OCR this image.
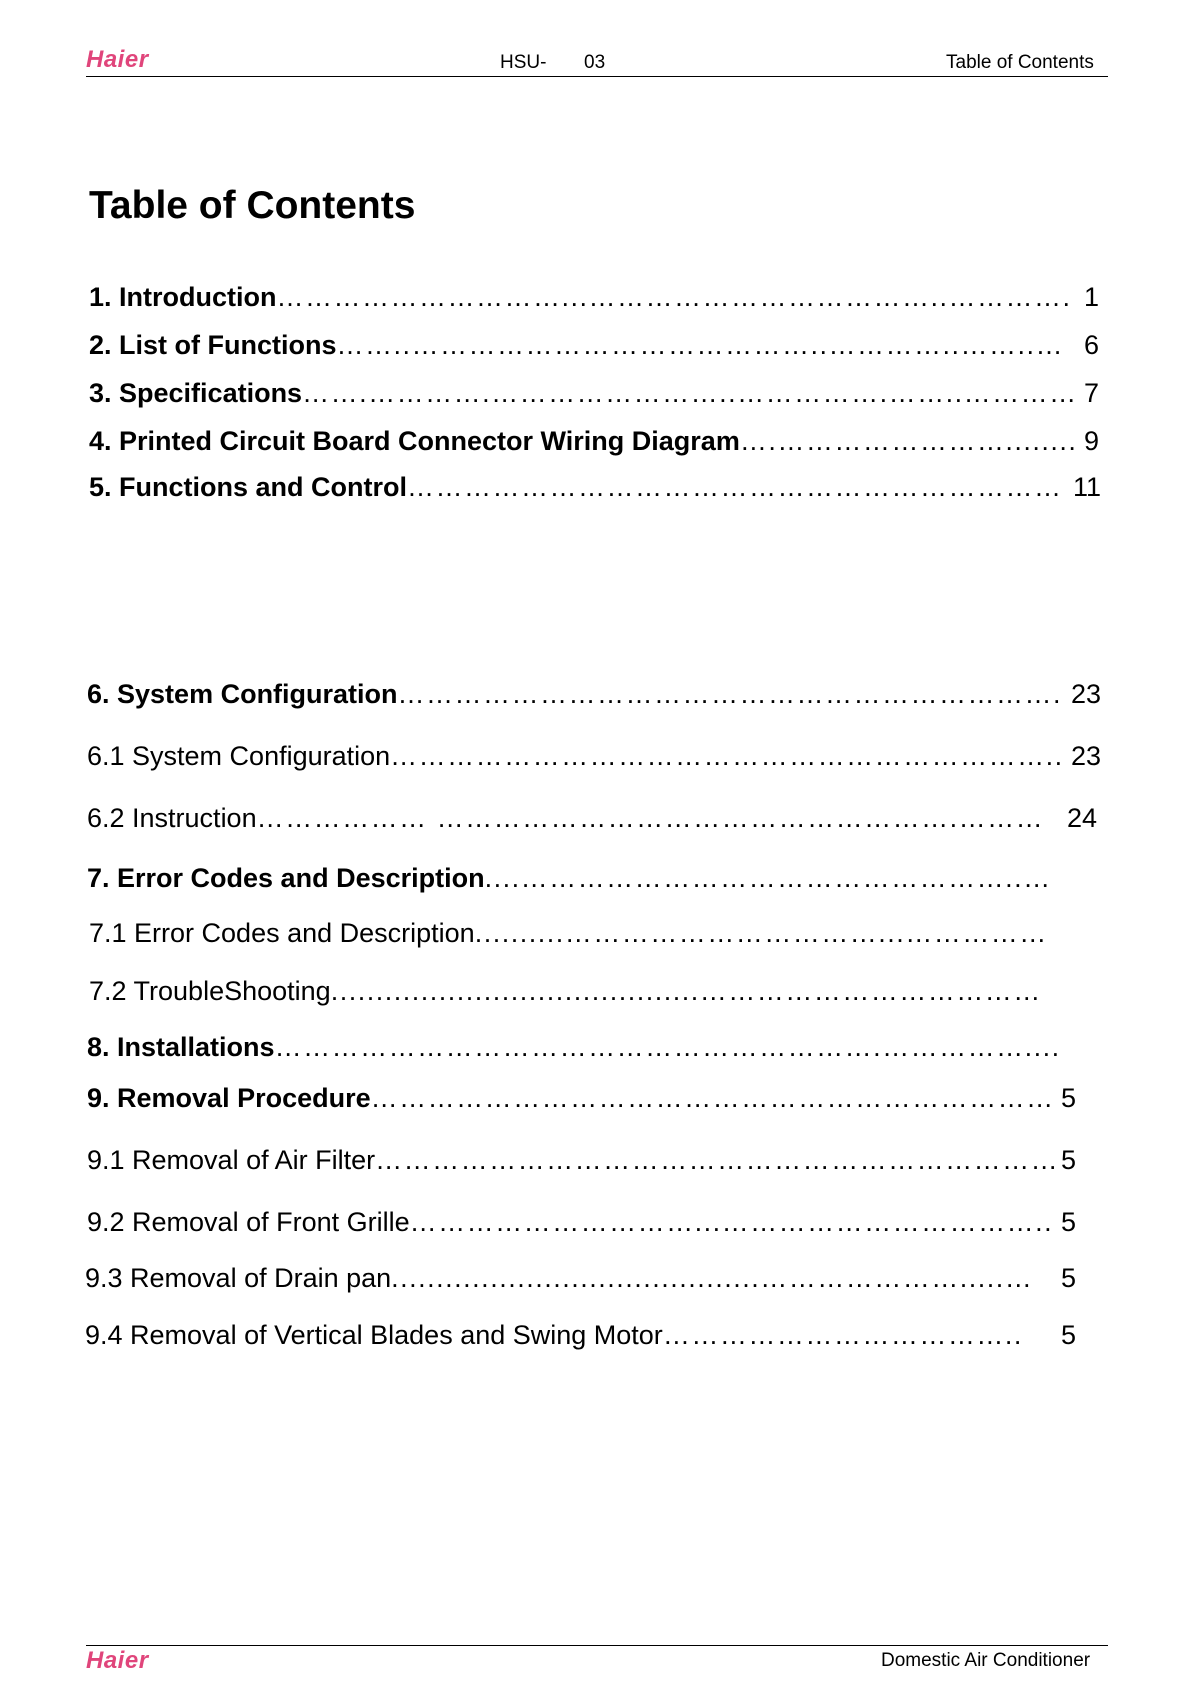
Haier	HSU- 03	Table of Contents
Table of Contents
1. Introduction …………………………...………………………………..…………. 1
2. List of Functions ……..……………………………………..…………..……..… 6
3. Specifications …….………….……………………..…………….……..………… 7
4. Printed Circuit Board Connector Wiring Diagram ….……………………........ 9
5. Functions and Control …………………………………………………………… 11
6. System Configuration ……………………………………………………………. 23
6.1 System Configuration …………………………………………………………….. 23
6.2 Instruction ……………… ……………………………………………….……… 24
7. Error Codes and Description ....……………………………………………..…
7.1 Error Codes and Description ..........……………………………...……………
7.2 TroubleShooting .........................................………………………………
8. Installations ……………………………………………………….……………....
9. Removal Procedure ……………………………………………………………… 5
9.1 Removal of Air Filter ……………………………………………………………… 5
9.2 Removal of Front Grille …………………………...…………………………….. 5
9.3 Removal of Drain pan .........................................………………….....…	5
9.4 Removal of Vertical Blades and Swing Motor ………………………………..	5
Haier	Domestic Air Conditioner
